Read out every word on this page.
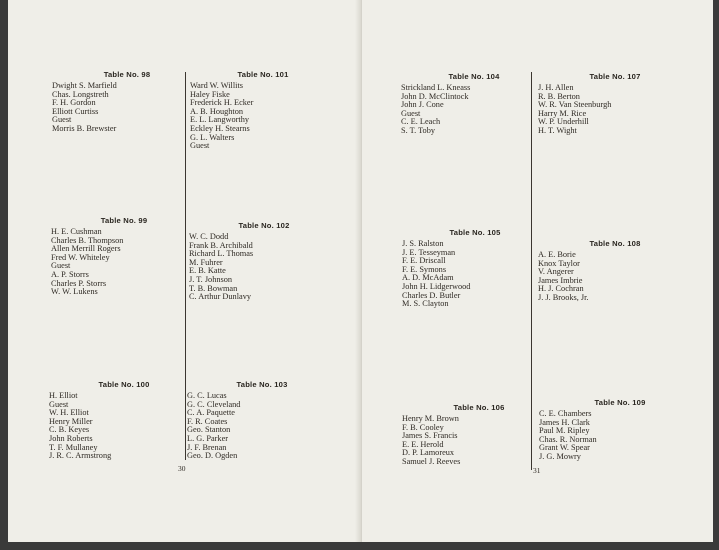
Table No. 98
Dwight S. Marfield
Chas. Longstreth
F. H. Gordon
Elliott Curtiss
Guest
Morris B. Brewster
Table No. 101
Ward W. Willits
Haley Fiske
Frederick H. Ecker
A. B. Houghton
E. L. Langworthy
Eckley H. Stearns
G. L. Walters
Guest
Table No. 99
H. E. Cushman
Charles B. Thompson
Allen Merrill Rogers
Fred W. Whiteley
Guest
A. P. Storrs
Charles P. Storrs
W. W. Lukens
Table No. 102
W. C. Dodd
Frank B. Archibald
Richard L. Thomas
M. Fuhrer
E. B. Katte
J. T. Johnson
T. B. Bowman
C. Arthur Dunlavy
Table No. 100
H. Elliot
Guest
W. H. Elliot
Henry Miller
C. B. Keyes
John Roberts
T. F. Mullaney
J. R. C. Armstrong
Table No. 103
G. C. Lucas
G. C. Cleveland
C. A. Paquette
F. R. Coates
Geo. Stanton
L. G. Parker
J. F. Brenan
Geo. D. Ogden
30
Table No. 104
Strickland L. Kneass
John D. McClintock
John J. Cone
Guest
C. E. Leach
S. T. Toby
Table No. 107
J. H. Allen
R. B. Berton
W. R. Van Steenburgh
Harry M. Rice
W. P. Underhill
H. T. Wight
Table No. 105
J. S. Ralston
J. E. Tesseyman
F. E. Driscall
F. E. Symons
A. D. McAdam
John H. Lidgerwood
Charles D. Butler
M. S. Clayton
Table No. 108
A. E. Borie
Knox Taylor
V. Angerer
James Imbrie
H. J. Cochran
J. J. Brooks, Jr.
Table No. 106
Henry M. Brown
F. B. Cooley
James S. Francis
E. E. Herold
D. P. Lamoreux
Samuel J. Reeves
Table No. 109
C. E. Chambers
James H. Clark
Paul M. Ripley
Chas. R. Norman
Grant W. Spear
J. G. Mowry
31
